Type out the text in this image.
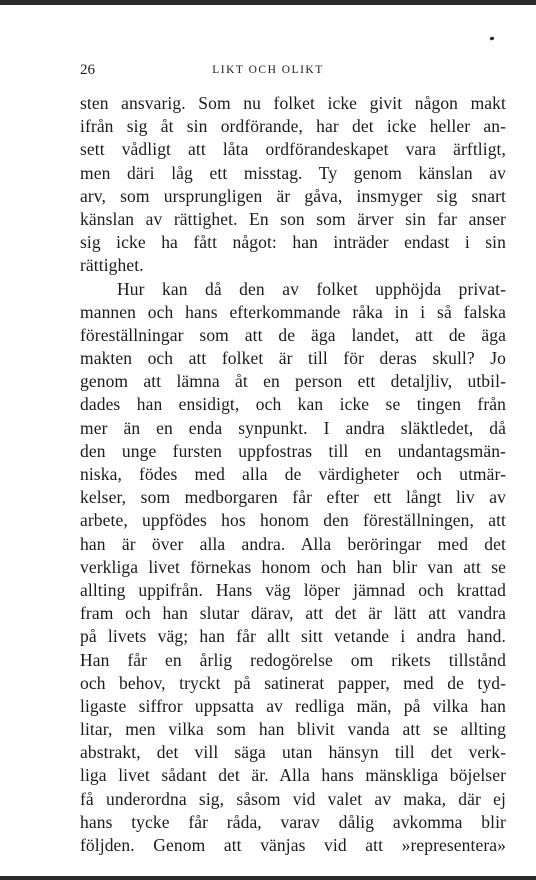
26	LIKT OCH OLIKT
sten ansvarig. Som nu folket icke givit någon makt
ifrån sig åt sin ordförande, har det icke heller an-
sett vådligt att låta ordförandeskapet vara ärftligt,
men däri låg ett misstag. Ty genom känslan av
arv, som ursprungligen är gåva, insmyger sig snart
känslan av rättighet. En son som ärver sin far anser
sig icke ha fått något: han inträder endast i sin
rättighet.
Hur kan då den av folket upphöjda privat-
mannen och hans efterkommande råka in i så falska
föreställningar som att de äga landet, att de äga
makten och att folket är till för deras skull? Jo
genom att lämna åt en person ett detaljliv, utbil-
dades han ensidigt, och kan icke se tingen från
mer än en enda synpunkt. I andra släktledet, då
den unge fursten uppfostras till en undantagsmän-
niska, födes med alla de värdigheter och utmär-
kelser, som medborgaren får efter ett långt liv av
arbete, uppfödes hos honom den föreställningen, att
han är över alla andra. Alla beröringar med det
verkliga livet förnekas honom och han blir van att se
allting uppifrån. Hans väg löper jämnad och krattad
fram och han slutar därav, att det är lätt att vandra
på livets väg; han får allt sitt vetande i andra hand.
Han får en årlig redogörelse om rikets tillstånd
och behov, tryckt på satinerat papper, med de tyd-
ligaste siffror uppsatta av redliga män, på vilka han
litar, men vilka som han blivit vanda att se allting
abstrakt, det vill säga utan hänsyn till det verk-
liga livet sådant det är. Alla hans mänskliga böjelser
få underordna sig, såsom vid valet av maka, där ej
hans tycke får råda, varav dålig avkomma blir
följden. Genom att vänjas vid att »representera»
